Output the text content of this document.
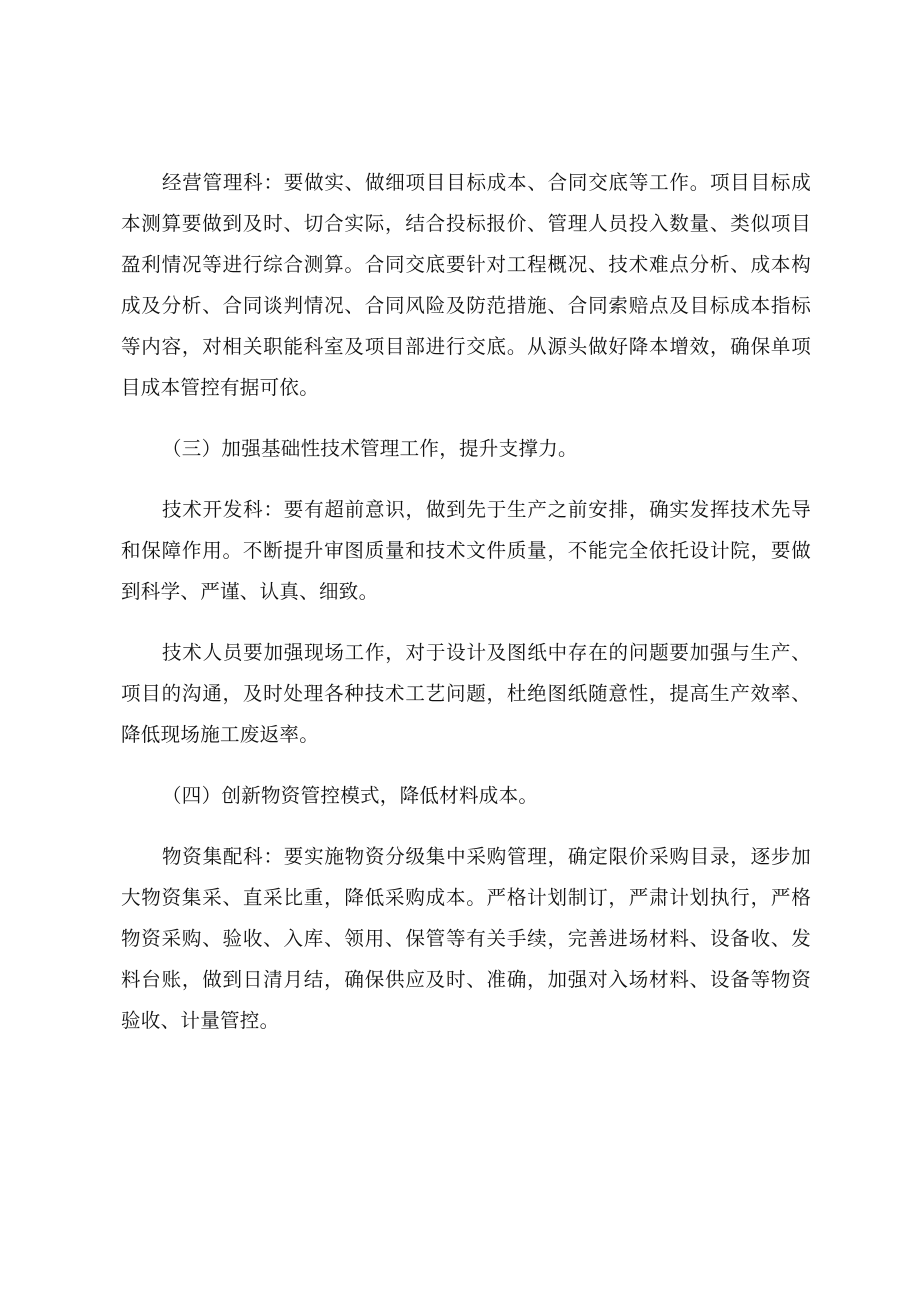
经营管理科：要做实、做细项目目标成本、合同交底等工作。项目目标成本测算要做到及时、切合实际，结合投标报价、管理人员投入数量、类似项目盈利情况等进行综合测算。合同交底要针对工程概况、技术难点分析、成本构成及分析、合同谈判情况、合同风险及防范措施、合同索赔点及目标成本指标等内容，对相关职能科室及项目部进行交底。从源头做好降本增效，确保单项目成本管控有据可依。

（三）加强基础性技术管理工作，提升支撑力。

技术开发科：要有超前意识，做到先于生产之前安排，确实发挥技术先导和保障作用。不断提升审图质量和技术文件质量，不能完全依托设计院，要做到科学、严谨、认真、细致。

技术人员要加强现场工作，对于设计及图纸中存在的问题要加强与生产、项目的沟通，及时处理各种技术工艺问题，杜绝图纸随意性，提高生产效率、降低现场施工废返率。

（四）创新物资管控模式，降低材料成本。

物资集配科：要实施物资分级集中采购管理，确定限价采购目录，逐步加大物资集采、直采比重，降低采购成本。严格计划制订，严肃计划执行，严格物资采购、验收、入库、领用、保管等有关手续，完善进场材料、设备收、发料台账，做到日清月结，确保供应及时、准确，加强对入场材料、设备等物资验收、计量管控。
